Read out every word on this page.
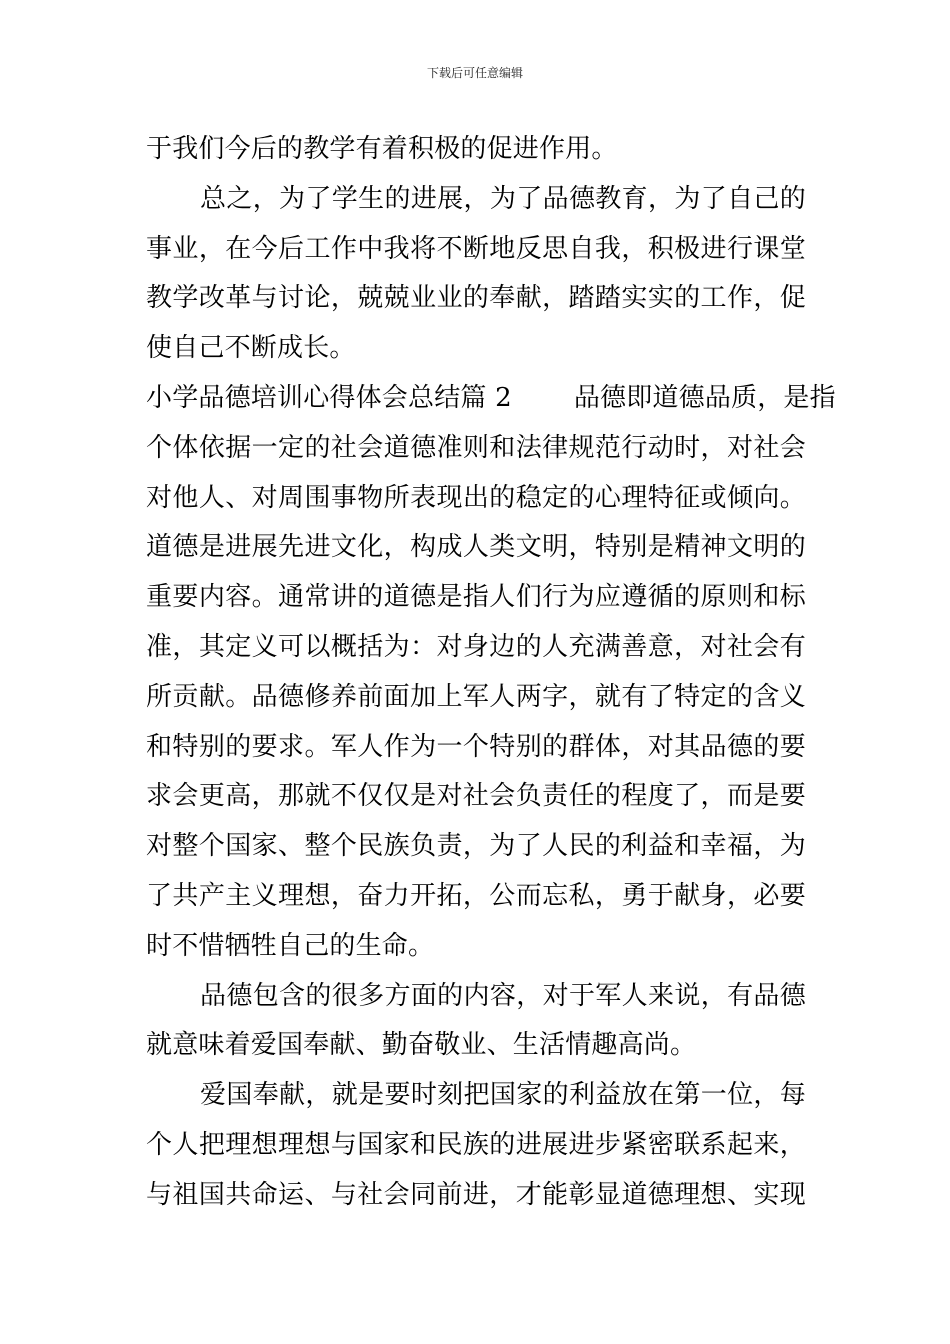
下载后可任意编辑
于我们今后的教学有着积极的促进作用。
总之，为了学生的进展，为了品德教育，为了自己的
事业，在今后工作中我将不断地反思自我，积极进行课堂
教学改革与讨论，兢兢业业的奉献，踏踏实实的工作，促
使自己不断成长。
小学品德培训心得体会总结篇 2 品德即道德品质，是指
个体依据一定的社会道德准则和法律规范行动时，对社会
对他人、对周围事物所表现出的稳定的心理特征或倾向。
道德是进展先进文化，构成人类文明，特别是精神文明的
重要内容。通常讲的道德是指人们行为应遵循的原则和标
准，其定义可以概括为：对身边的人充满善意，对社会有
所贡献。品德修养前面加上军人两字，就有了特定的含义
和特别的要求。军人作为一个特别的群体，对其品德的要
求会更高，那就不仅仅是对社会负责任的程度了，而是要
对整个国家、整个民族负责，为了人民的利益和幸福，为
了共产主义理想，奋力开拓，公而忘私，勇于献身，必要
时不惜牺牲自己的生命。
品德包含的很多方面的内容，对于军人来说，有品德
就意味着爱国奉献、勤奋敬业、生活情趣高尚。
爱国奉献，就是要时刻把国家的利益放在第一位，每
个人把理想理想与国家和民族的进展进步紧密联系起来，
与祖国共命运、与社会同前进，才能彰显道德理想、实现
